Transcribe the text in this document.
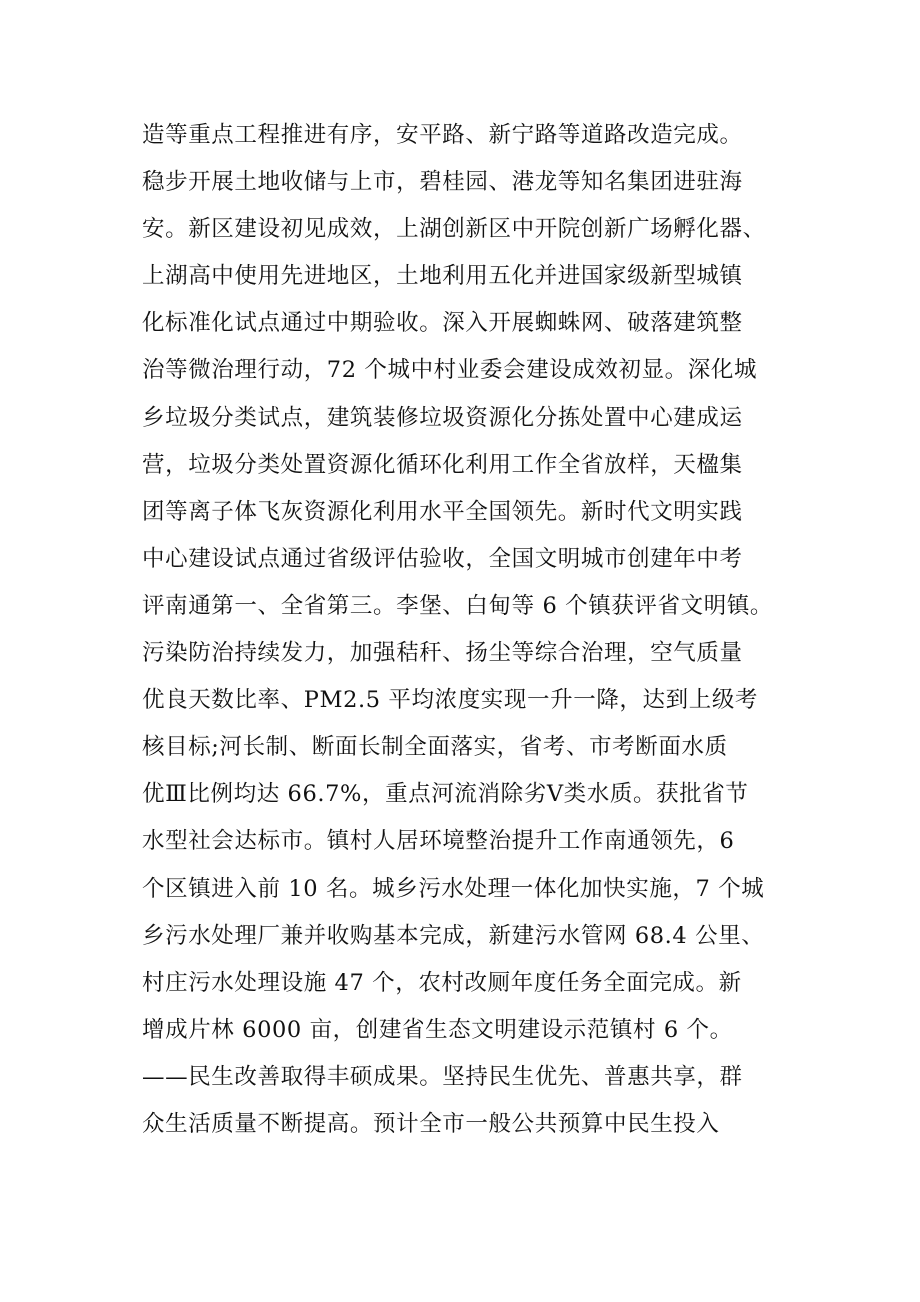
造等重点工程推进有序，安平路、新宁路等道路改造完成。
稳步开展土地收储与上市，碧桂园、港龙等知名集团进驻海
安。新区建设初见成效，上湖创新区中开院创新广场孵化器、
上湖高中使用先进地区，土地利用五化并进国家级新型城镇
化标准化试点通过中期验收。深入开展蜘蛛网、破落建筑整
治等微治理行动，72 个城中村业委会建设成效初显。深化城
乡垃圾分类试点，建筑装修垃圾资源化分拣处置中心建成运
营，垃圾分类处置资源化循环化利用工作全省放样，天楹集
团等离子体飞灰资源化利用水平全国领先。新时代文明实践
中心建设试点通过省级评估验收，全国文明城市创建年中考
评南通第一、全省第三。李堡、白甸等 6 个镇获评省文明镇。
污染防治持续发力，加强秸秆、扬尘等综合治理，空气质量
优良天数比率、PM2.5 平均浓度实现一升一降，达到上级考
核目标;河长制、断面长制全面落实，省考、市考断面水质
优Ⅲ比例均达 66.7%，重点河流消除劣Ⅴ类水质。获批省节
水型社会达标市。镇村人居环境整治提升工作南通领先，6
个区镇进入前 10 名。城乡污水处理一体化加快实施，7 个城
乡污水处理厂兼并收购基本完成，新建污水管网 68.4 公里、
村庄污水处理设施 47 个，农村改厕年度任务全面完成。新
增成片林 6000 亩，创建省生态文明建设示范镇村 6 个。
——民生改善取得丰硕成果。坚持民生优先、普惠共享，群
众生活质量不断提高。预计全市一般公共预算中民生投入
